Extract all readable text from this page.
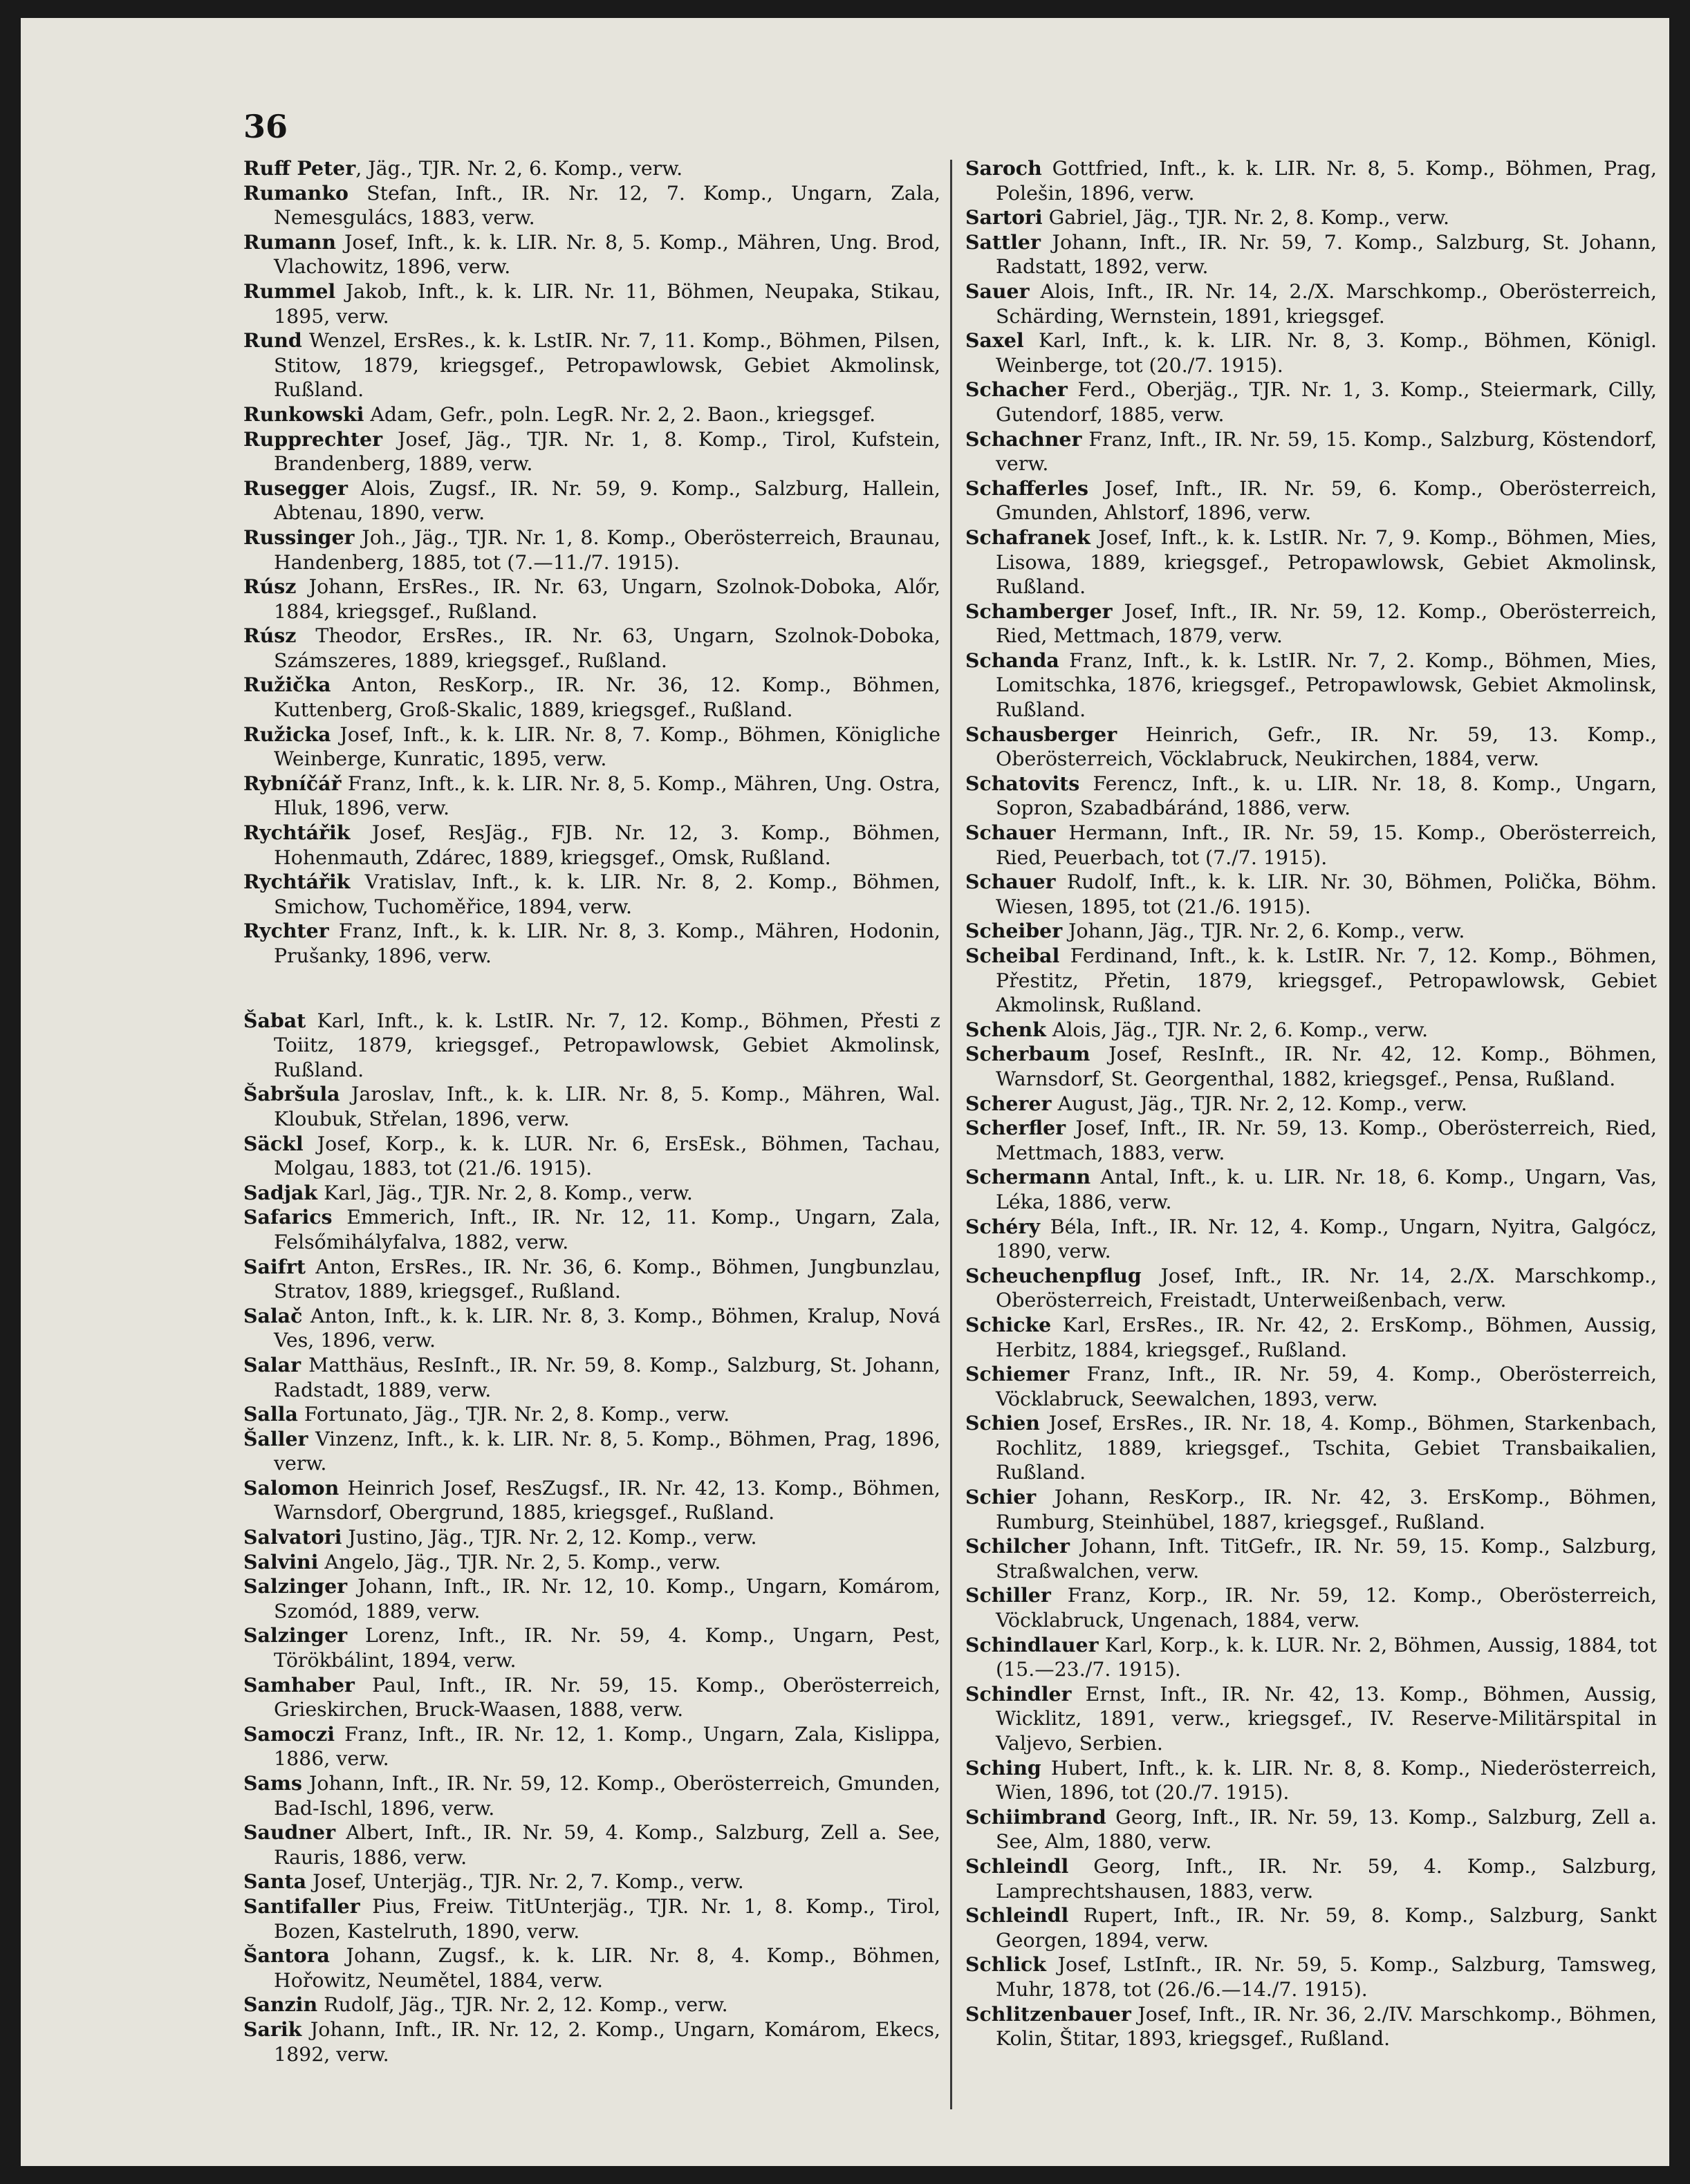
36

Ruff Peter, Jäg., TJR. Nr. 2, 6. Komp., verw.

Rumanko Stefan, Inft., IR. Nr. 12, 7. Komp., Ungarn, Zala, Nemesgulács, 1883, verw.

Rumann Josef, Inft., k. k. LIR. Nr. 8, 5. Komp., Mähren, Ung. Brod, Vlachowitz, 1896, verw.

Rummel Jakob, Inft., k. k. LIR. Nr. 11, Böhmen, Neupaka, Stikau, 1895, verw.

Rund Wenzel, ErsRes., k. k. LstIR. Nr. 7, 11. Komp., Böhmen, Pilsen, Stitow, 1879, kriegsgef., Petropawlowsk, Gebiet Akmolinsk, Rußland.

Runkowski Adam, Gefr., poln. LegR. Nr. 2, 2. Baon., kriegsgef.

Rupprechter Josef, Jäg., TJR. Nr. 1, 8. Komp., Tirol, Kufstein, Brandenberg, 1889, verw.

Rusegger Alois, Zugsf., IR. Nr. 59, 9. Komp., Salzburg, Hallein, Abtenau, 1890, verw.

Russinger Joh., Jäg., TJR. Nr. 1, 8. Komp., Oberösterreich, Braunau, Handenberg, 1885, tot (7.—11./7. 1915).

Rúsz Johann, ErsRes., IR. Nr. 63, Ungarn, Szolnok-Doboka, Alőr, 1884, kriegsgef., Rußland.

Rúsz Theodor, ErsRes., IR. Nr. 63, Ungarn, Szolnok-Doboka, Számszeres, 1889, kriegsgef., Rußland.

Ružička Anton, ResKorp., IR. Nr. 36, 12. Komp., Böhmen, Kuttenberg, Groß-Skalic, 1889, kriegsgef., Rußland.

Ružicka Josef, Inft., k. k. LIR. Nr. 8, 7. Komp., Böhmen, Königliche Weinberge, Kunratic, 1895, verw.

Rybníčář Franz, Inft., k. k. LIR. Nr. 8, 5. Komp., Mähren, Ung. Ostra, Hluk, 1896, verw.

Rychtářik Josef, ResJäg., FJB. Nr. 12, 3. Komp., Böhmen, Hohenmauth, Zdárec, 1889, kriegsgef., Omsk, Rußland.

Rychtářik Vratislav, Inft., k. k. LIR. Nr. 8, 2. Komp., Böhmen, Smichow, Tuchoměřice, 1894, verw.

Rychter Franz, Inft., k. k. LIR. Nr. 8, 3. Komp., Mähren, Hodonin, Prušanky, 1896, verw.

Šabat Karl, Inft., k. k. LstIR. Nr. 7, 12. Komp., Böhmen, Přesti z Toiitz, 1879, kriegsgef., Petropawlowsk, Gebiet Akmolinsk, Rußland.

Šabršula Jaroslav, Inft., k. k. LIR. Nr. 8, 5. Komp., Mähren, Wal. Kloubuk, Střelan, 1896, verw.

Säckl Josef, Korp., k. k. LUR. Nr. 6, ErsEsk., Böhmen, Tachau, Molgau, 1883, tot (21./6. 1915).

Sadjak Karl, Jäg., TJR. Nr. 2, 8. Komp., verw.

Safarics Emmerich, Inft., IR. Nr. 12, 11. Komp., Ungarn, Zala, Felsőmihályfalva, 1882, verw.

Saifrt Anton, ErsRes., IR. Nr. 36, 6. Komp., Böhmen, Jungbunzlau, Stratov, 1889, kriegsgef., Rußland.

Salač Anton, Inft., k. k. LIR. Nr. 8, 3. Komp., Böhmen, Kralup, Nová Ves, 1896, verw.

Salar Matthäus, ResInft., IR. Nr. 59, 8. Komp., Salzburg, St. Johann, Radstadt, 1889, verw.

Salla Fortunato, Jäg., TJR. Nr. 2, 8. Komp., verw.

Šaller Vinzenz, Inft., k. k. LIR. Nr. 8, 5. Komp., Böhmen, Prag, 1896, verw.

Salomon Heinrich Josef, ResZugsf., IR. Nr. 42, 13. Komp., Böhmen, Warnsdorf, Obergrund, 1885, kriegsgef., Rußland.

Salvatori Justino, Jäg., TJR. Nr. 2, 12. Komp., verw.

Salvini Angelo, Jäg., TJR. Nr. 2, 5. Komp., verw.

Salzinger Johann, Inft., IR. Nr. 12, 10. Komp., Ungarn, Komárom, Szomód, 1889, verw.

Salzinger Lorenz, Inft., IR. Nr. 59, 4. Komp., Ungarn, Pest, Törökbálint, 1894, verw.

Samhaber Paul, Inft., IR. Nr. 59, 15. Komp., Oberösterreich, Grieskirchen, Bruck-Waasen, 1888, verw.

Samoczi Franz, Inft., IR. Nr. 12, 1. Komp., Ungarn, Zala, Kislippa, 1886, verw.

Sams Johann, Inft., IR. Nr. 59, 12. Komp., Oberösterreich, Gmunden, Bad-Ischl, 1896, verw.

Saudner Albert, Inft., IR. Nr. 59, 4. Komp., Salzburg, Zell a. See, Rauris, 1886, verw.

Santa Josef, Unterjäg., TJR. Nr. 2, 7. Komp., verw.

Santifaller Pius, Freiw. TitUnterjäg., TJR. Nr. 1, 8. Komp., Tirol, Bozen, Kastelruth, 1890, verw.

Šantora Johann, Zugsf., k. k. LIR. Nr. 8, 4. Komp., Böhmen, Hořowitz, Neumětel, 1884, verw.

Sanzin Rudolf, Jäg., TJR. Nr. 2, 12. Komp., verw.

Sarik Johann, Inft., IR. Nr. 12, 2. Komp., Ungarn, Komárom, Ekecs, 1892, verw.

Saroch Gottfried, Inft., k. k. LIR. Nr. 8, 5. Komp., Böhmen, Prag, Polešin, 1896, verw.

Sartori Gabriel, Jäg., TJR. Nr. 2, 8. Komp., verw.

Sattler Johann, Inft., IR. Nr. 59, 7. Komp., Salzburg, St. Johann, Radstatt, 1892, verw.

Sauer Alois, Inft., IR. Nr. 14, 2./X. Marschkomp., Oberösterreich, Schärding, Wernstein, 1891, kriegsgef.

Saxel Karl, Inft., k. k. LIR. Nr. 8, 3. Komp., Böhmen, Königl. Weinberge, tot (20./7. 1915).

Schacher Ferd., Oberjäg., TJR. Nr. 1, 3. Komp., Steiermark, Cilly, Gutendorf, 1885, verw.

Schachner Franz, Inft., IR. Nr. 59, 15. Komp., Salzburg, Köstendorf, verw.

Schafferles Josef, Inft., IR. Nr. 59, 6. Komp., Oberösterreich, Gmunden, Ahlstorf, 1896, verw.

Schafranek Josef, Inft., k. k. LstIR. Nr. 7, 9. Komp., Böhmen, Mies, Lisowa, 1889, kriegsgef., Petropawlowsk, Gebiet Akmolinsk, Rußland.

Schamberger Josef, Inft., IR. Nr. 59, 12. Komp., Oberösterreich, Ried, Mettmach, 1879, verw.

Schanda Franz, Inft., k. k. LstIR. Nr. 7, 2. Komp., Böhmen, Mies, Lomitschka, 1876, kriegsgef., Petropawlowsk, Gebiet Akmolinsk, Rußland.

Schausberger Heinrich, Gefr., IR. Nr. 59, 13. Komp., Oberösterreich, Vöcklabruck, Neukirchen, 1884, verw.

Schatovits Ferencz, Inft., k. u. LIR. Nr. 18, 8. Komp., Ungarn, Sopron, Szabadbáránd, 1886, verw.

Schauer Hermann, Inft., IR. Nr. 59, 15. Komp., Oberösterreich, Ried, Peuerbach, tot (7./7. 1915).

Schauer Rudolf, Inft., k. k. LIR. Nr. 30, Böhmen, Polička, Böhm. Wiesen, 1895, tot (21./6. 1915).

Scheiber Johann, Jäg., TJR. Nr. 2, 6. Komp., verw.

Scheibal Ferdinand, Inft., k. k. LstIR. Nr. 7, 12. Komp., Böhmen, Přestitz, Přetin, 1879, kriegsgef., Petropawlowsk, Gebiet Akmolinsk, Rußland.

Schenk Alois, Jäg., TJR. Nr. 2, 6. Komp., verw.

Scherbaum Josef, ResInft., IR. Nr. 42, 12. Komp., Böhmen, Warnsdorf, St. Georgenthal, 1882, kriegsgef., Pensa, Rußland.

Scherer August, Jäg., TJR. Nr. 2, 12. Komp., verw.

Scherfler Josef, Inft., IR. Nr. 59, 13. Komp., Oberösterreich, Ried, Mettmach, 1883, verw.

Schermann Antal, Inft., k. u. LIR. Nr. 18, 6. Komp., Ungarn, Vas, Léka, 1886, verw.

Schéry Béla, Inft., IR. Nr. 12, 4. Komp., Ungarn, Nyitra, Galgócz, 1890, verw.

Scheuchenpflug Josef, Inft., IR. Nr. 14, 2./X. Marschkomp., Oberösterreich, Freistadt, Unterweißenbach, verw.

Schicke Karl, ErsRes., IR. Nr. 42, 2. ErsKomp., Böhmen, Aussig, Herbitz, 1884, kriegsgef., Rußland.

Schiemer Franz, Inft., IR. Nr. 59, 4. Komp., Oberösterreich, Vöcklabruck, Seewalchen, 1893, verw.

Schien Josef, ErsRes., IR. Nr. 18, 4. Komp., Böhmen, Starkenbach, Rochlitz, 1889, kriegsgef., Tschita, Gebiet Transbaikalien, Rußland.

Schier Johann, ResKorp., IR. Nr. 42, 3. ErsKomp., Böhmen, Rumburg, Steinhübel, 1887, kriegsgef., Rußland.

Schilcher Johann, Inft. TitGefr., IR. Nr. 59, 15. Komp., Salzburg, Straßwalchen, verw.

Schiller Franz, Korp., IR. Nr. 59, 12. Komp., Oberösterreich, Vöcklabruck, Ungenach, 1884, verw.

Schindlauer Karl, Korp., k. k. LUR. Nr. 2, Böhmen, Aussig, 1884, tot (15.—23./7. 1915).

Schindler Ernst, Inft., IR. Nr. 42, 13. Komp., Böhmen, Aussig, Wicklitz, 1891, verw., kriegsgef., IV. Reserve-Militärspital in Valjevo, Serbien.

Sching Hubert, Inft., k. k. LIR. Nr. 8, 8. Komp., Niederösterreich, Wien, 1896, tot (20./7. 1915).

Schiimbrand Georg, Inft., IR. Nr. 59, 13. Komp., Salzburg, Zell a. See, Alm, 1880, verw.

Schleindl Georg, Inft., IR. Nr. 59, 4. Komp., Salzburg, Lamprechtshausen, 1883, verw.

Schleindl Rupert, Inft., IR. Nr. 59, 8. Komp., Salzburg, Sankt Georgen, 1894, verw.

Schlick Josef, LstInft., IR. Nr. 59, 5. Komp., Salzburg, Tamsweg, Muhr, 1878, tot (26./6.—14./7. 1915).

Schlitzenbauer Josef, Inft., IR. Nr. 36, 2./IV. Marschkomp., Böhmen, Kolin, Štitar, 1893, kriegsgef., Rußland.
